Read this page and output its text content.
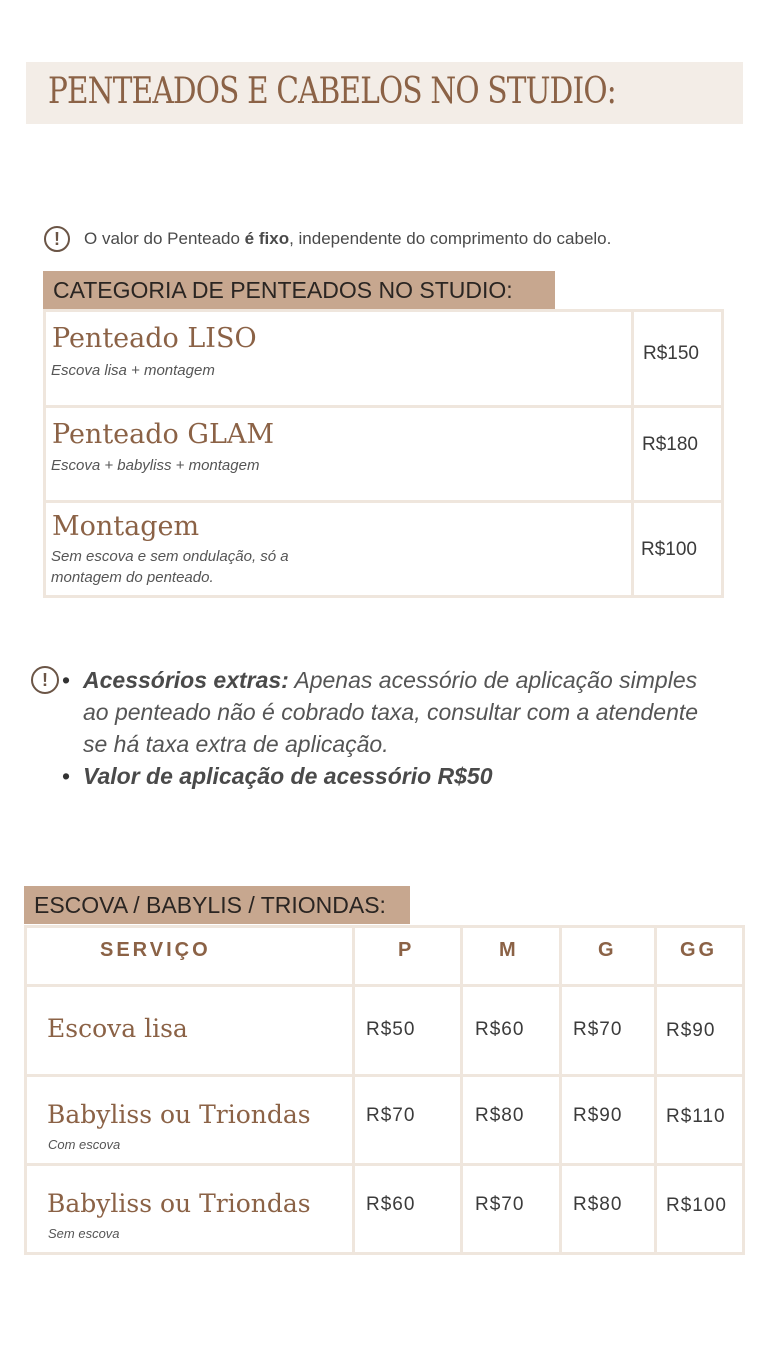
PENTEADOS E CABELOS NO STUDIO:
!	O valor do Penteado é fixo, independente do comprimento do cabelo.
CATEGORIA DE PENTEADOS NO STUDIO:
Penteado LISO
Escova lisa + montagem
R$150
Penteado GLAM
Escova + babyliss + montagem
R$180
Montagem
Sem escova e sem ondulação, só a
montagem do penteado.
R$100
!
•	Acessórios extras: Apenas acessório de aplicação simples ao penteado não é cobrado taxa, consultar com a atendente se há taxa extra de aplicação.
• Valor de aplicação de acessório R$50
ESCOVA / BABYLIS / TRIONDAS:
SERVIÇO	P	M	G	GG
Escova lisa	R$50	R$60	R$70 R$90
Babyliss ou Triondas
Com escova
R$70	R$80	R$90 R$110
Babyliss ou Triondas
Sem escova
R$60	R$70	R$80 R$100
